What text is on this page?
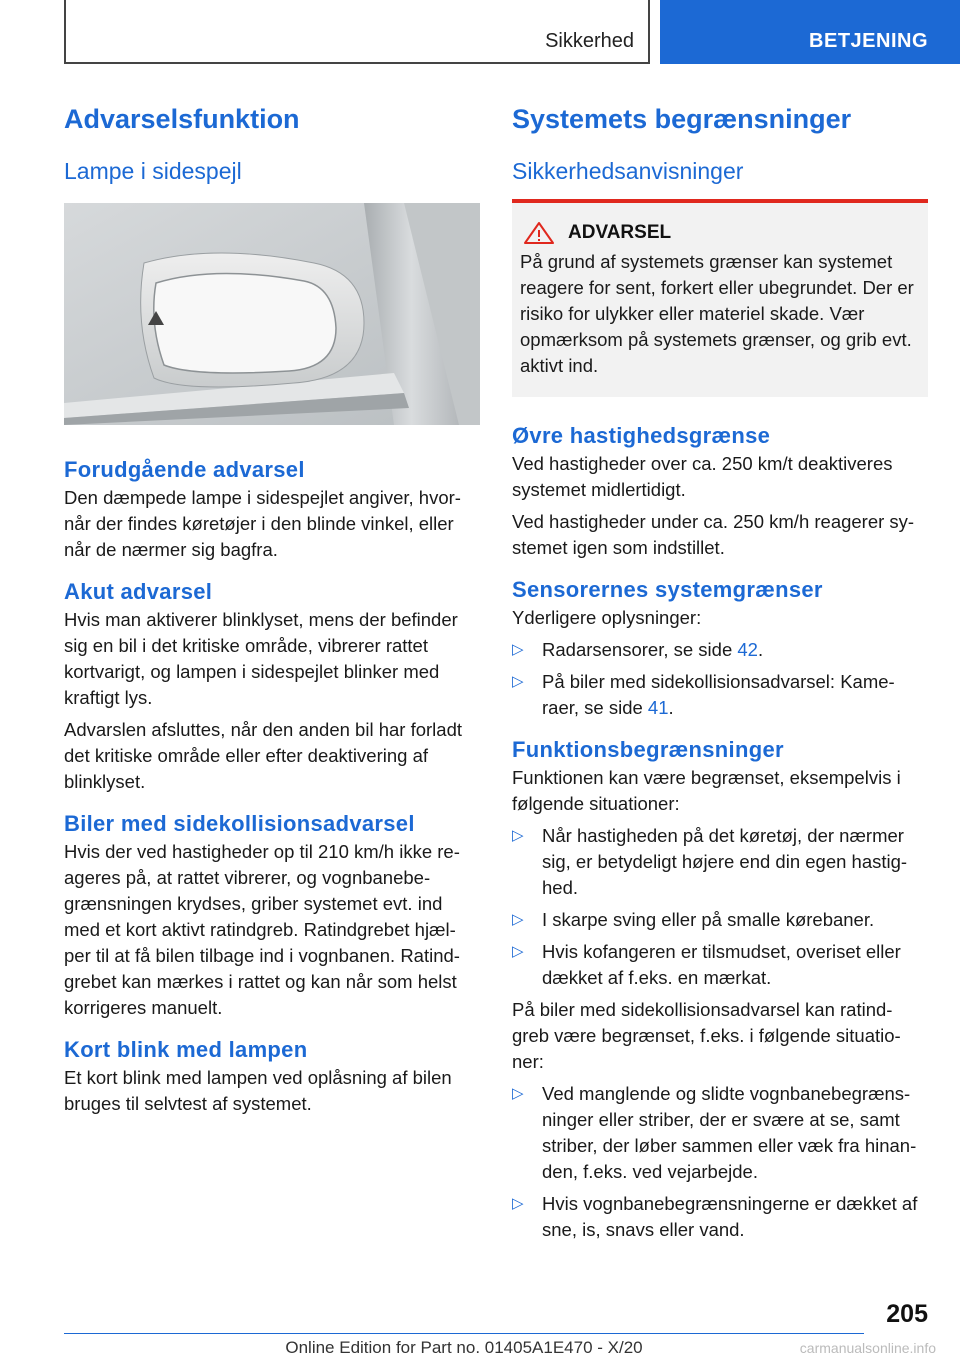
Sikkerhed	BETJENING
Advarselsfunktion
Lampe i sidespejl
Forudgående advarsel

Den dæmpede lampe i sidespejlet angiver, hvor-når der findes køretøjer i den blinde vinkel, eller når de nærmer sig bagfra.

Akut advarsel

Hvis man aktiverer blinklyset, mens der befinder sig en bil i det kritiske område, vibrerer rattet kortvarigt, og lampen i sidespejlet blinker med kraftigt lys.

Advarslen afsluttes, når den anden bil har forladt det kritiske område eller efter deaktivering af blinklyset.

Biler med sidekollisionsadvarsel

Hvis der ved hastigheder op til 210 km/h ikke re-ageres på, at rattet vibrerer, og vognbanebe-grænsningen krydses, griber systemet evt. ind med et kort aktivt ratindgreb. Ratindgrebet hjæl-per til at få bilen tilbage ind i vognbanen. Ratind-grebet kan mærkes i rattet og kan når som helst korrigeres manuelt.

Kort blink med lampen

Et kort blink med lampen ved oplåsning af bilen bruges til selvtest af systemet.

Systemets begrænsninger
Sikkerhedsanvisninger
ADVARSEL

På grund af systemets grænser kan systemet reagere for sent, forkert eller ubegrundet. Der er risiko for ulykker eller materiel skade. Vær opmærksom på systemets grænser, og grib evt. aktivt ind.

Øvre hastighedsgrænse

Ved hastigheder over ca. 250 km/t deaktiveres systemet midlertidigt.

Ved hastigheder under ca. 250 km/h reagerer sy-stemet igen som indstillet.

Sensorernes systemgrænser

Yderligere oplysninger:

▷ Radarsensorer, se side 42.
▷ På biler med sidekollisionsadvarsel: Kame-raer, se side 41.
Funktionsbegrænsninger

Funktionen kan være begrænset, eksempelvis i følgende situationer:

▷ Når hastigheden på det køretøj, der nærmer sig, er betydeligt højere end din egen hastig-hed.
▷ I skarpe sving eller på smalle kørebaner.
▷ Hvis kofangeren er tilsmudset, overiset eller dækket af f.eks. en mærkat.

På biler med sidekollisionsadvarsel kan ratind-greb være begrænset, f.eks. i følgende situatio-ner:

▷ Ved manglende og slidte vognbanebegræns-ninger eller striber, der er svære at se, samt striber, der løber sammen eller væk fra hinan-den, f.eks. ved vejarbejde.
▷ Hvis vognbanebegrænsningerne er dækket af sne, is, snavs eller vand.
205
Online Edition for Part no. 01405A1E470 - X/20	carmanualsonline.info
